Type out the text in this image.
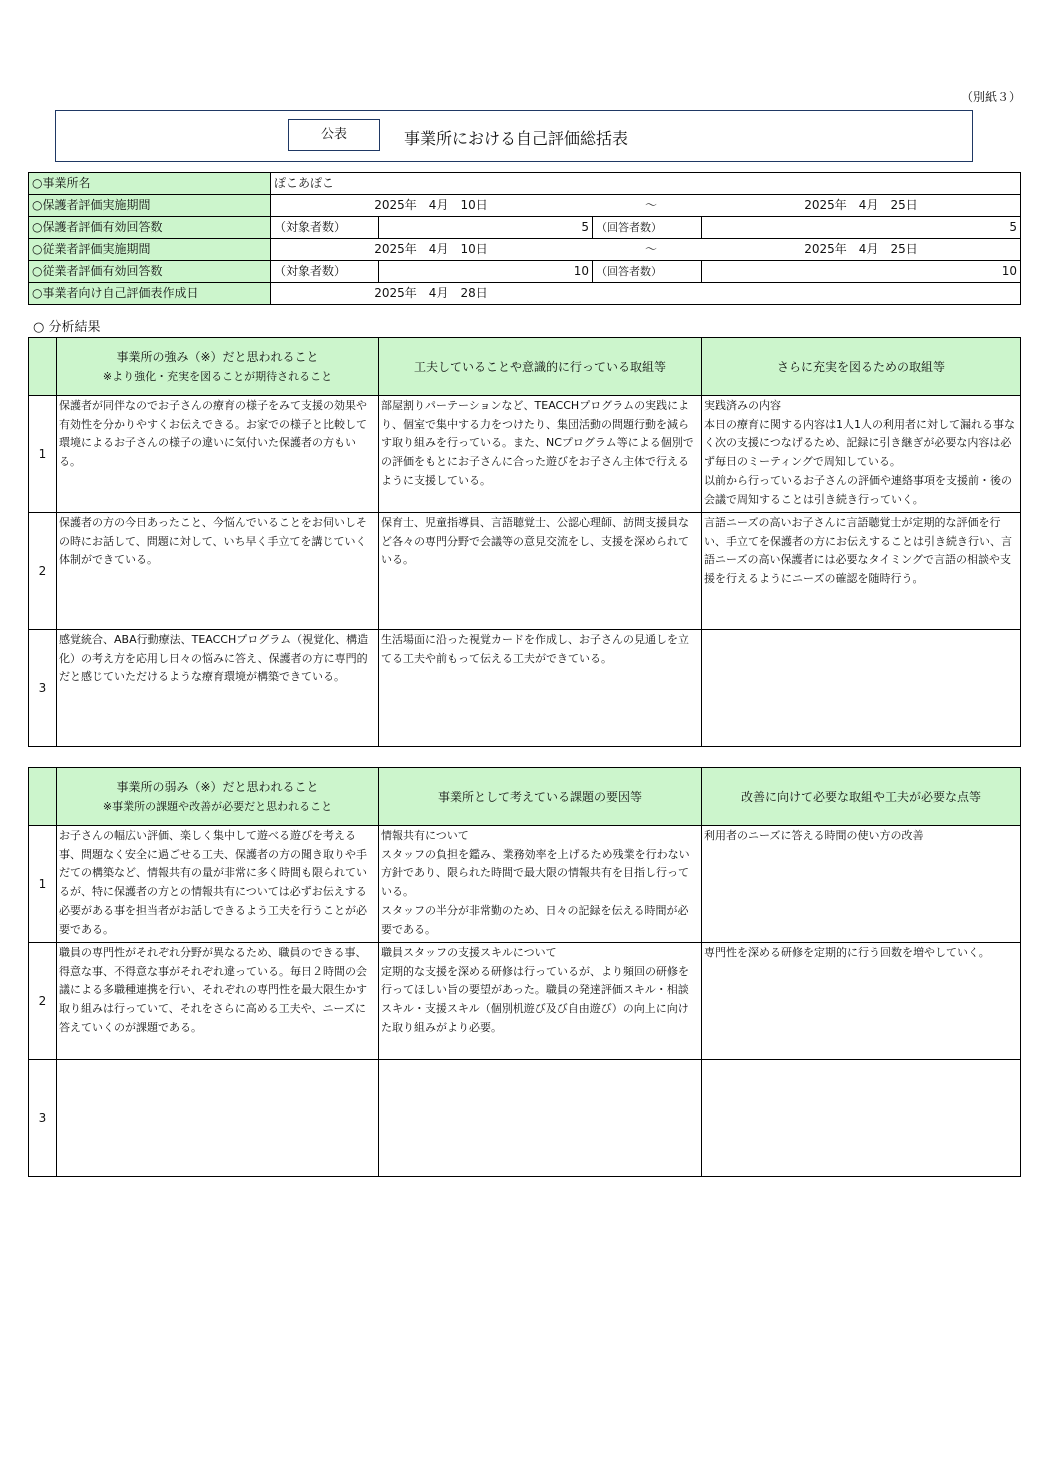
（別紙３）
公表	事業所における自己評価総括表
○事業所名	ぽこあぽこ			
○保護者評価実施期間	2025年　4月　10日 ～ 2025年　4月　25日			

○保護者評価有効回答数	（対象者数）	5	（回答者数）	5
○従業者評価実施期間	2025年　4月　10日 ～ 2025年　4月　25日			

○従業者評価有効回答数	（対象者数）	10	（回答者数）	10
○事業者向け自己評価表作成日	2025年　4月　28日			
○ 分析結果

	事業所の強み（※）だと思われること
※より強化・充実を図ることが期待されること	工夫していることや意識的に行っている取組等	さらに充実を図るための取組等
1	保護者が同伴なのでお子さんの療育の様子をみて支援の効果や有効性を分かりやすくお伝えできる。お家での様子と比較して環境によるお子さんの様子の違いに気付いた保護者の方もいる。	部屋割りパーテーションなど、TEACCHプログラムの実践により、個室で集中する力をつけたり、集団活動の問題行動を減らす取り組みを行っている。また、NCプログラム等による個別での評価をもとにお子さんに合った遊びをお子さん主体で行えるように支援している。	実践済みの内容
本日の療育に関する内容は1人1人の利用者に対して漏れる事なく次の支援につなげるため、記録に引き継ぎが必要な内容は必ず毎日のミーティングで周知している。
以前から行っているお子さんの評価や連絡事項を支援前・後の会議で周知することは引き続き行っていく。
2	保護者の方の今日あったこと、今悩んでいることをお伺いしその時にお話して、問題に対して、いち早く手立てを講じていく体制ができている。	保育士、児童指導員、言語聴覚士、公認心理師、訪問支援員など各々の専門分野で会議等の意見交流をし、支援を深められている。	言語ニーズの高いお子さんに言語聴覚士が定期的な評価を行い、手立てを保護者の方にお伝えすることは引き続き行い、言語ニーズの高い保護者には必要なタイミングで言語の相談や支援を行えるようにニーズの確認を随時行う。
3	感覚統合、ABA行動療法、TEACCHプログラム（視覚化、構造化）の考え方を応用し日々の悩みに答え、保護者の方に専門的だと感じていただけるような療育環境が構築できている。	生活場面に沿った視覚カードを作成し、お子さんの見通しを立てる工夫や前もって伝える工夫ができている。	

	事業所の弱み（※）だと思われること
※事業所の課題や改善が必要だと思われること	事業所として考えている課題の要因等	改善に向けて必要な取組や工夫が必要な点等
1	お子さんの幅広い評価、楽しく集中して遊べる遊びを考える事、問題なく安全に過ごせる工夫、保護者の方の聞き取りや手だての構築など、情報共有の量が非常に多く時間も限られているが、特に保護者の方との情報共有については必ずお伝えする必要がある事を担当者がお話しできるよう工夫を行うことが必要である。	情報共有について
スタッフの負担を鑑み、業務効率を上げるため残業を行わない方針であり、限られた時間で最大限の情報共有を目指し行っている。
スタッフの半分が非常勤のため、日々の記録を伝える時間が必要である。	利用者のニーズに答える時間の使い方の改善
2	職員の専門性がそれぞれ分野が異なるため、職員のできる事、得意な事、不得意な事がそれぞれ違っている。毎日２時間の会議による多職種連携を行い、それぞれの専門性を最大限生かす取り組みは行っていて、それをさらに高める工夫や、ニーズに答えていくのが課題である。	職員スタッフの支援スキルについて
定期的な支援を深める研修は行っているが、より頻回の研修を行ってほしい旨の要望があった。職員の発達評価スキル・相談スキル・支援スキル（個別机遊び及び自由遊び）の向上に向けた取り組みがより必要。	専門性を深める研修を定期的に行う回数を増やしていく。
3			
